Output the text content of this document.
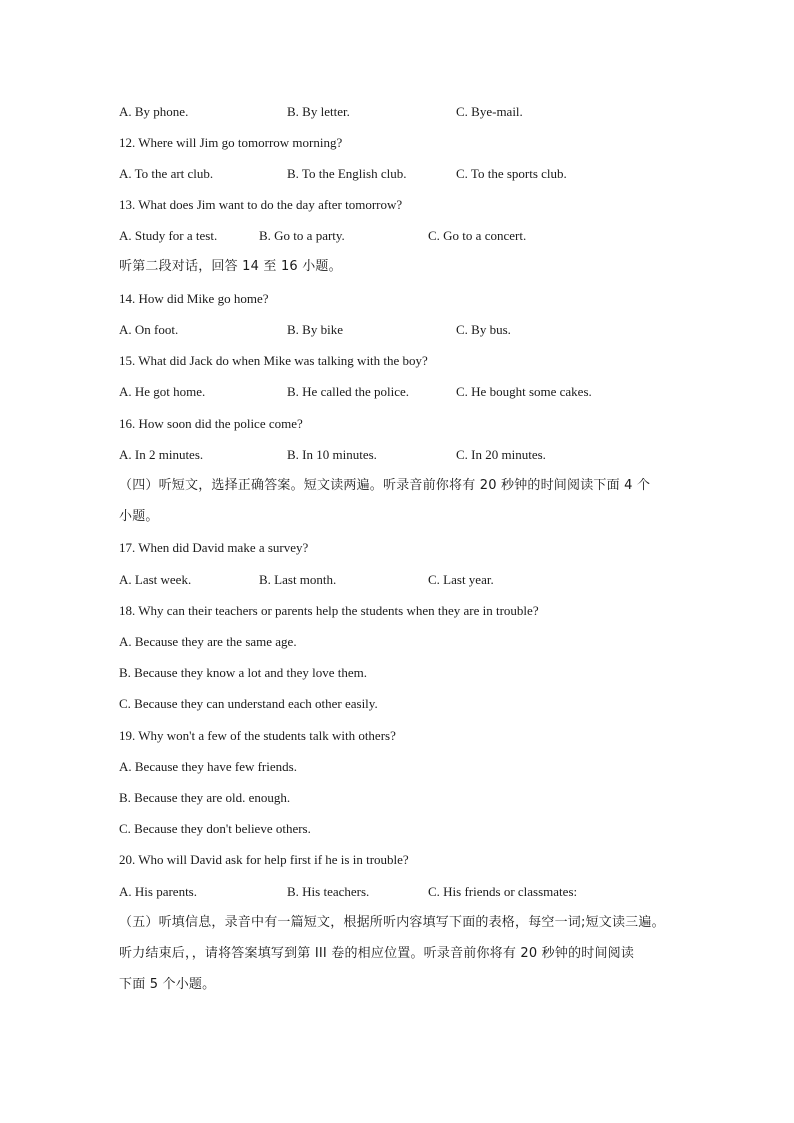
A. By phone.	B. By letter.	C. Bye-mail.
12. Where will Jim go tomorrow morning?
A. To the art club.	B. To the English club.	C. To the sports club.
13. What does Jim want to do the day after tomorrow?
A. Study for a test.	B. Go to a party.	C. Go to a concert.
听第二段对话，回答 14 至 16 小题。
14. How did Mike go home?
A. On foot.	B. By bike	C. By bus.
15. What did Jack do when Mike was talking with the boy?
A. He got home.	B. He called the police.	C. He bought some cakes.
16. How soon did the police come?
A. In 2 minutes.	B. In 10 minutes.	C. In 20 minutes.
（四）听短文，选择正确答案。短文读两遍。听录音前你将有 20 秒钟的时间阅读下面 4 个
小题。
17. When did David make a survey?
A. Last week.	B. Last month.	C. Last year.
18. Why can their teachers or parents help the students when they are in trouble?
A. Because they are the same age.
B. Because they know a lot and they love them.
C. Because they can understand each other easily.
19. Why won't a few of the students talk with others?
A. Because they have few friends.
B. Because they are old. enough.
C. Because they don't believe others.
20. Who will David ask for help first if he is in trouble?
A. His parents.	B. His teachers.	C. His friends or classmates:
（五）听填信息，录音中有一篇短文，根据所听内容填写下面的表格，每空一词;短文读三遍。
听力结束后，，请将答案填写到第 III 卷的相应位置。听录音前你将有 20 秒钟的时间阅读
下面 5 个小题。
